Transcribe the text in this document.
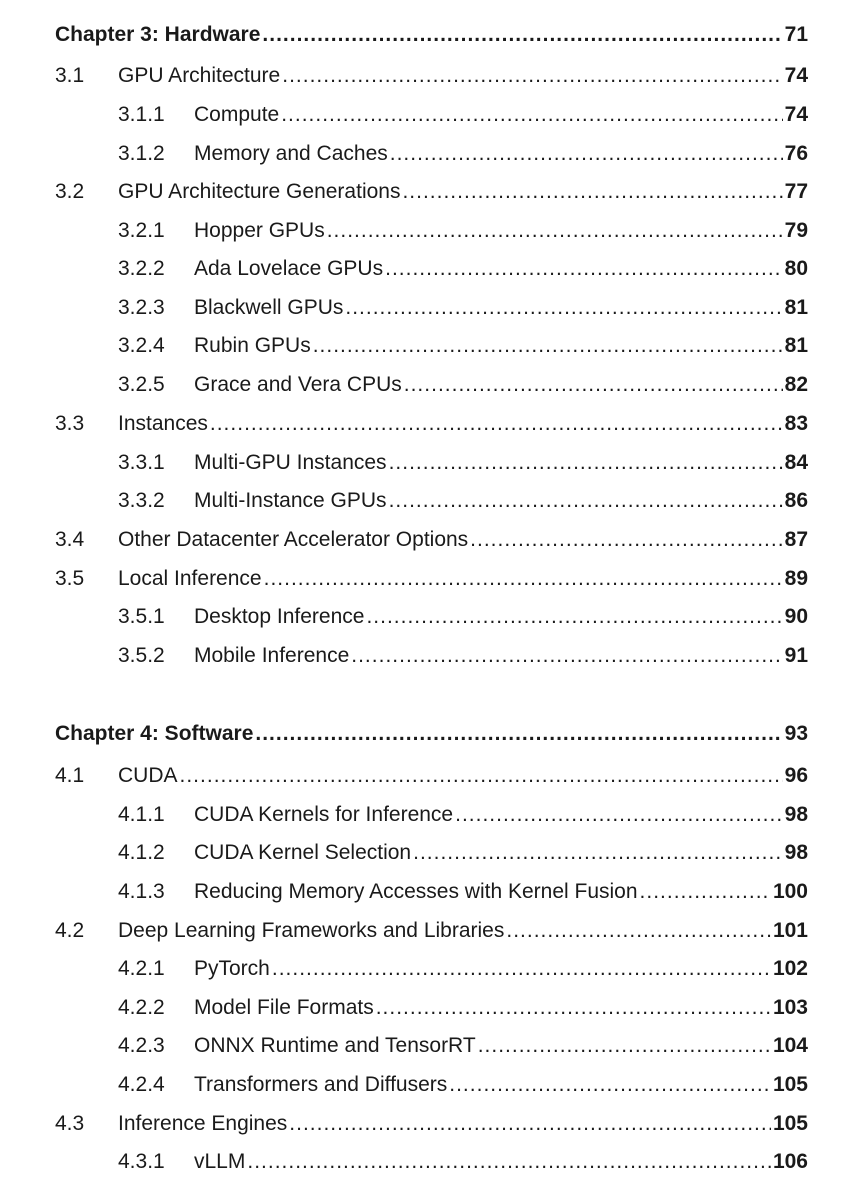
Chapter 3: Hardware .....	71
3.1 GPU Architecture .....	74
3.1.1 Compute .....	74
3.1.2 Memory and Caches .....	76
3.2 GPU Architecture Generations .....	77
3.2.1 Hopper GPUs .....	79
3.2.2 Ada Lovelace GPUs .....	80
3.2.3 Blackwell GPUs .....	81
3.2.4 Rubin GPUs .....	81
3.2.5 Grace and Vera CPUs .....	82
3.3 Instances .....	83
3.3.1 Multi-GPU Instances .....	84
3.3.2 Multi-Instance GPUs .....	86
3.4 Other Datacenter Accelerator Options .....	87
3.5 Local Inference .....	89
3.5.1 Desktop Inference .....	90
3.5.2 Mobile Inference .....	91
Chapter 4: Software .....	93
4.1 CUDA .....	96
4.1.1 CUDA Kernels for Inference .....	98
4.1.2 CUDA Kernel Selection .....	98
4.1.3 Reducing Memory Accesses with Kernel Fusion .....	100
4.2 Deep Learning Frameworks and Libraries .....	101
4.2.1 PyTorch .....	102
4.2.2 Model File Formats .....	103
4.2.3 ONNX Runtime and TensorRT .....	104
4.2.4 Transformers and Diffusers .....	105
4.3 Inference Engines .....	105
4.3.1 vLLM .....	106
